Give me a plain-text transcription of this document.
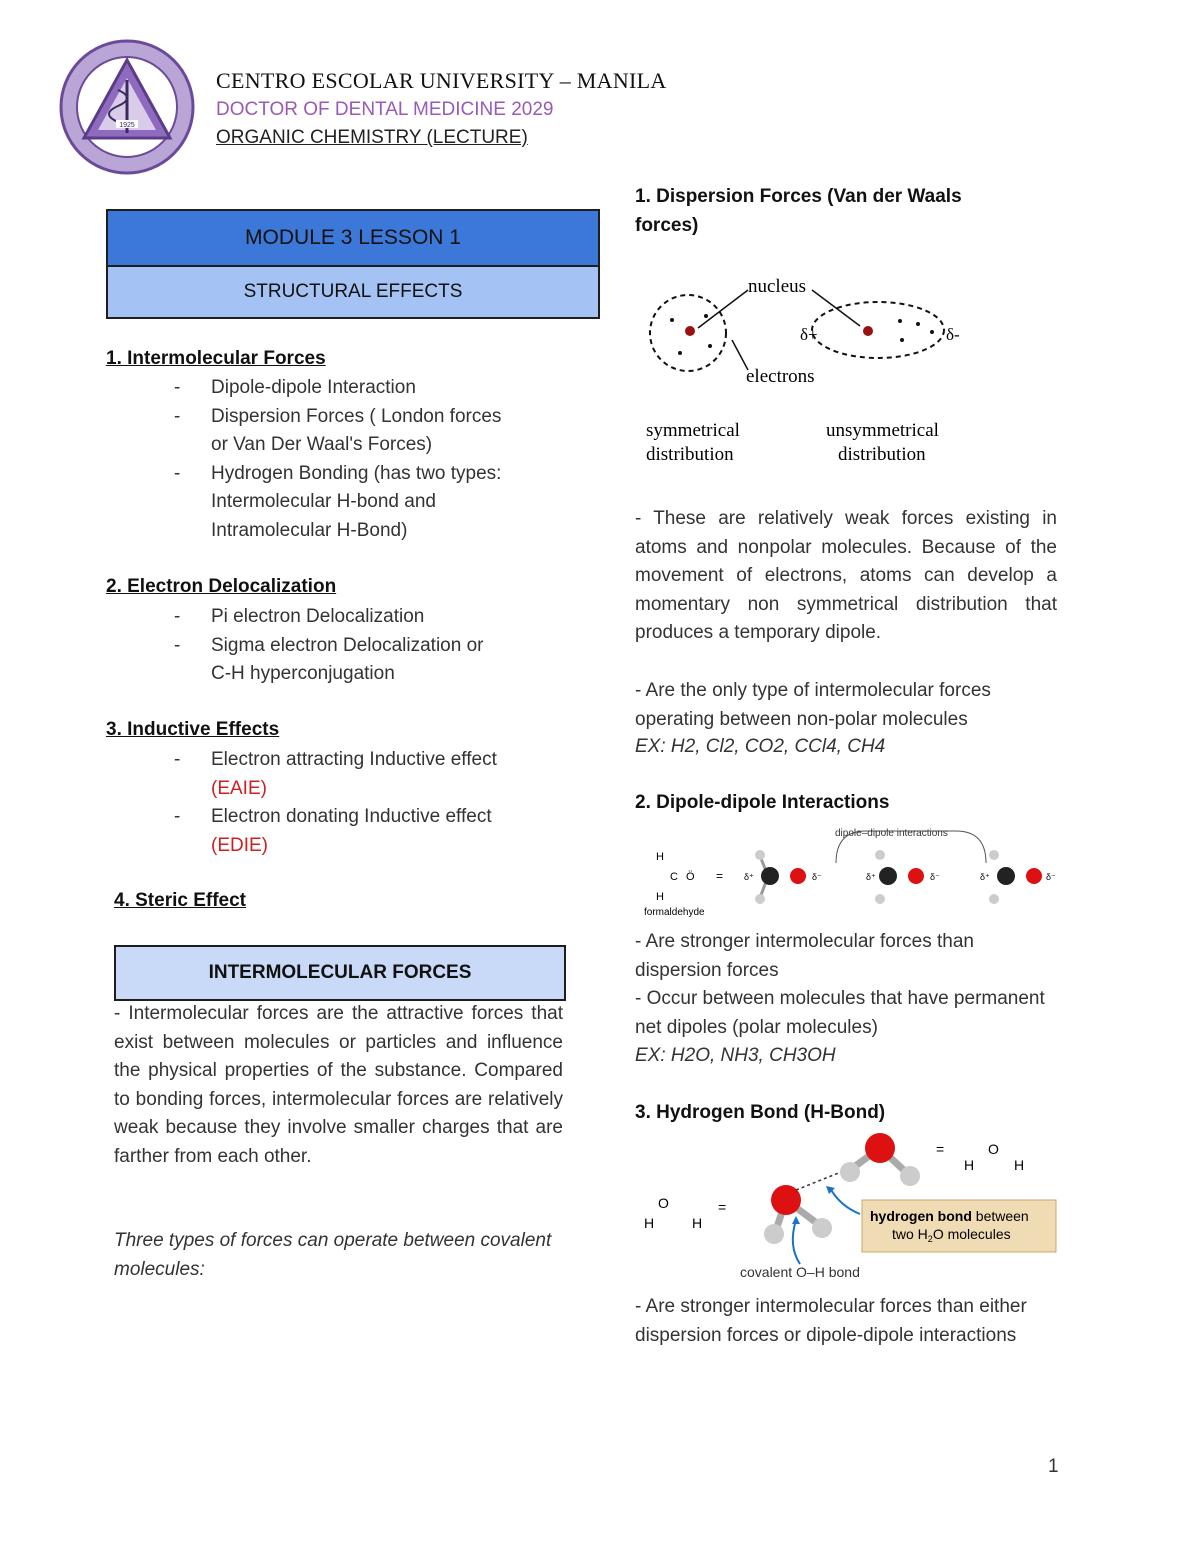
1925
CENTRO ESCOLAR UNIVERSITY – MANILA
DOCTOR OF DENTAL MEDICINE 2029
ORGANIC CHEMISTRY (LECTURE)
MODULE 3 LESSON 1
STRUCTURAL EFFECTS
1. Intermolecular Forces
- Dipole-dipole Interaction
- Dispersion Forces ( London forces
or Van Der Waal's Forces)
- Hydrogen Bonding (has two types:
Intermolecular H-bond and
Intramolecular H-Bond)
2. Electron Delocalization
- Pi electron Delocalization
- Sigma electron Delocalization or
C-H hyperconjugation
3. Inductive Effects
- Electron attracting Inductive effect
(EAIE)
- Electron donating Inductive effect
(EDIE)
4. Steric Effect
INTERMOLECULAR FORCES
- Intermolecular forces are the attractive forces that exist between molecules or particles and influence the physical properties of the substance. Compared to bonding forces, intermolecular forces are relatively weak because they involve smaller charges that are farther from each other.
Three types of forces can operate between covalent molecules:
1. Dispersion Forces (Van der Waals
forces)
nucleus
δ+	δ-
electrons
symmetrical
distribution
unsymmetrical
distribution
- These are relatively weak forces existing in atoms and nonpolar molecules. Because of the movement of electrons, atoms can develop a momentary non symmetrical distribution that produces a temporary dipole.
- Are the only type of intermolecular forces operating between non-polar molecules
EX: H2, Cl2, CO2, CCl4, CH4
2. Dipole-dipole Interactions
dipole–dipole interactions
H
C Ö
H
formaldehyde
= δ⁺	δ⁻	δ⁺	δ⁻	δ⁺	δ⁻
- Are stronger intermolecular forces than dispersion forces
- Occur between molecules that have permanent net dipoles (polar molecules)
EX: H2O, NH3, CH3OH
3. Hydrogen Bond (H-Bond)
O
H	H
=
=	O
H	H
hydrogen bond between
two $H_2O$ molecules
covalent O–H bond
- Are stronger intermolecular forces than either dispersion forces or dipole-dipole interactions
1
